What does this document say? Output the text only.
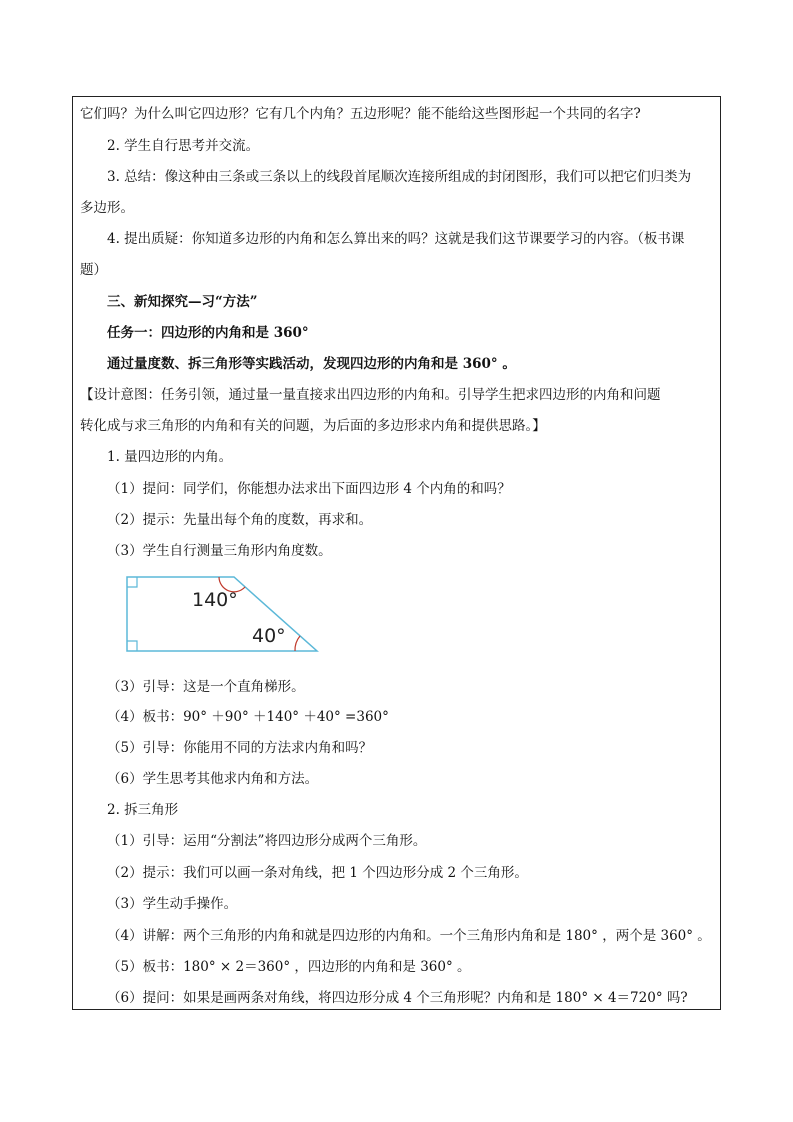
它们吗？为什么叫它四边形？它有几个内角？五边形呢？能不能给这些图形起一个共同的名字?
2. 学生自行思考并交流。
3. 总结：像这种由三条或三条以上的线段首尾顺次连接所组成的封闭图形，我们可以把它们归类为
多边形。
4. 提出质疑：你知道多边形的内角和怎么算出来的吗？这就是我们这节课要学习的内容。（板书课
题）
三、新知探究—习“方法”
任务一：四边形的内角和是 360°
通过量度数、拆三角形等实践活动，发现四边形的内角和是 360° 。
【设计意图：任务引领，通过量一量直接求出四边形的内角和。引导学生把求四边形的内角和问题
转化成与求三角形的内角和有关的问题，为后面的多边形求内角和提供思路。】
1. 量四边形的内角。
（1）提问：同学们，你能想办法求出下面四边形 4 个内角的和吗？
（2）提示：先量出每个角的度数，再求和。
（3）学生自行测量三角形内角度数。
140°
40°
（3）引导：这是一个直角梯形。
（4）板书：90° ＋90° ＋140° ＋40° =360°
（5）引导：你能用不同的方法求内角和吗？
（6）学生思考其他求内角和方法。
2. 拆三角形
（1）引导：运用“分割法”将四边形分成两个三角形。
（2）提示：我们可以画一条对角线，把 1 个四边形分成 2 个三角形。
（3）学生动手操作。
（4）讲解：两个三角形的内角和就是四边形的内角和。一个三角形内角和是 180° ，两个是 360° 。
（5）板书：180° × 2＝360° ，四边形的内角和是 360° 。
（6）提问：如果是画两条对角线，将四边形分成 4 个三角形呢？内角和是 180° × 4＝720° 吗?
